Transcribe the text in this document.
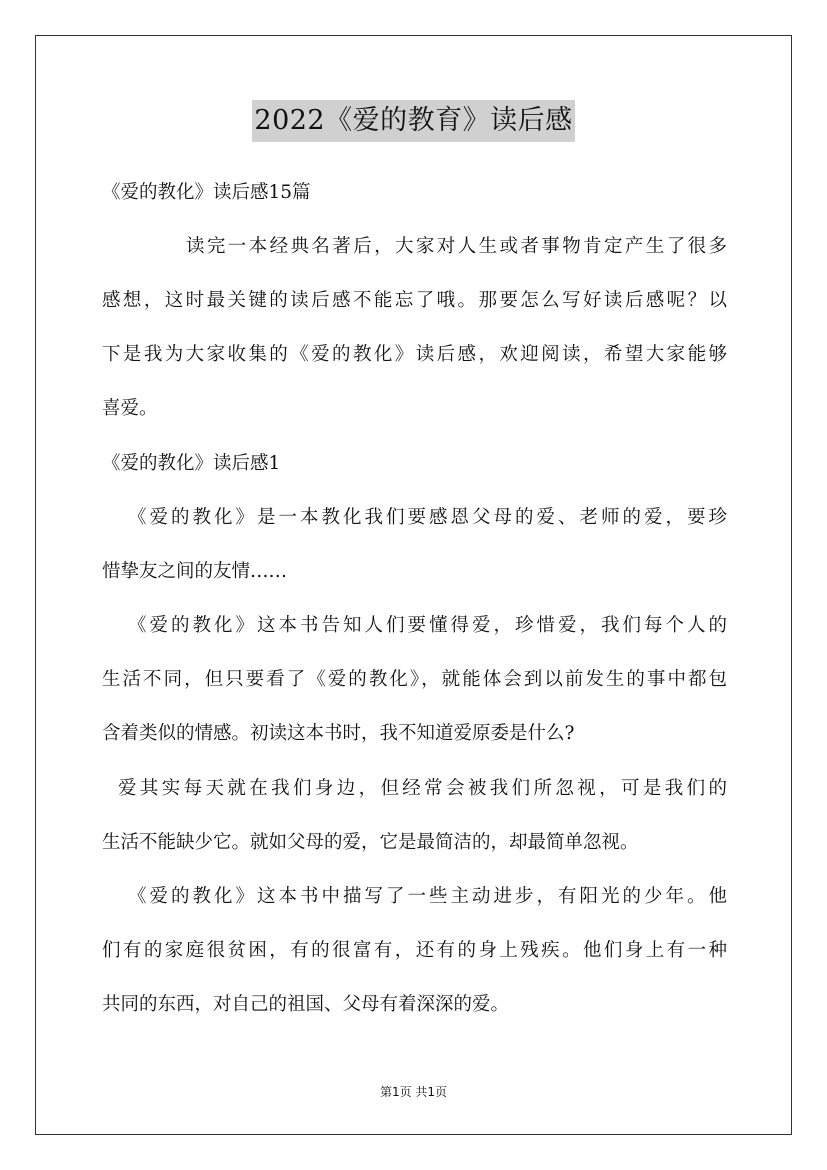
2022《爱的教育》读后感
《爱的教化》读后感15篇
读完一本经典名著后，大家对人生或者事物肯定产生了很多
感想，这时最关键的读后感不能忘了哦。那要怎么写好读后感呢？以
下是我为大家收集的《爱的教化》读后感，欢迎阅读，希望大家能够
喜爱。
《爱的教化》读后感1
《爱的教化》是一本教化我们要感恩父母的爱、老师的爱，要珍
惜挚友之间的友情……
《爱的教化》这本书告知人们要懂得爱，珍惜爱，我们每个人的
生活不同，但只要看了《爱的教化》，就能体会到以前发生的事中都包
含着类似的情感。初读这本书时，我不知道爱原委是什么?
爱其实每天就在我们身边，但经常会被我们所忽视，可是我们的
生活不能缺少它。就如父母的爱，它是最简洁的，却最简单忽视。
《爱的教化》这本书中描写了一些主动进步，有阳光的少年。他
们有的家庭很贫困，有的很富有，还有的身上残疾。他们身上有一种
共同的东西，对自己的祖国、父母有着深深的爱。
第1页 共1页
